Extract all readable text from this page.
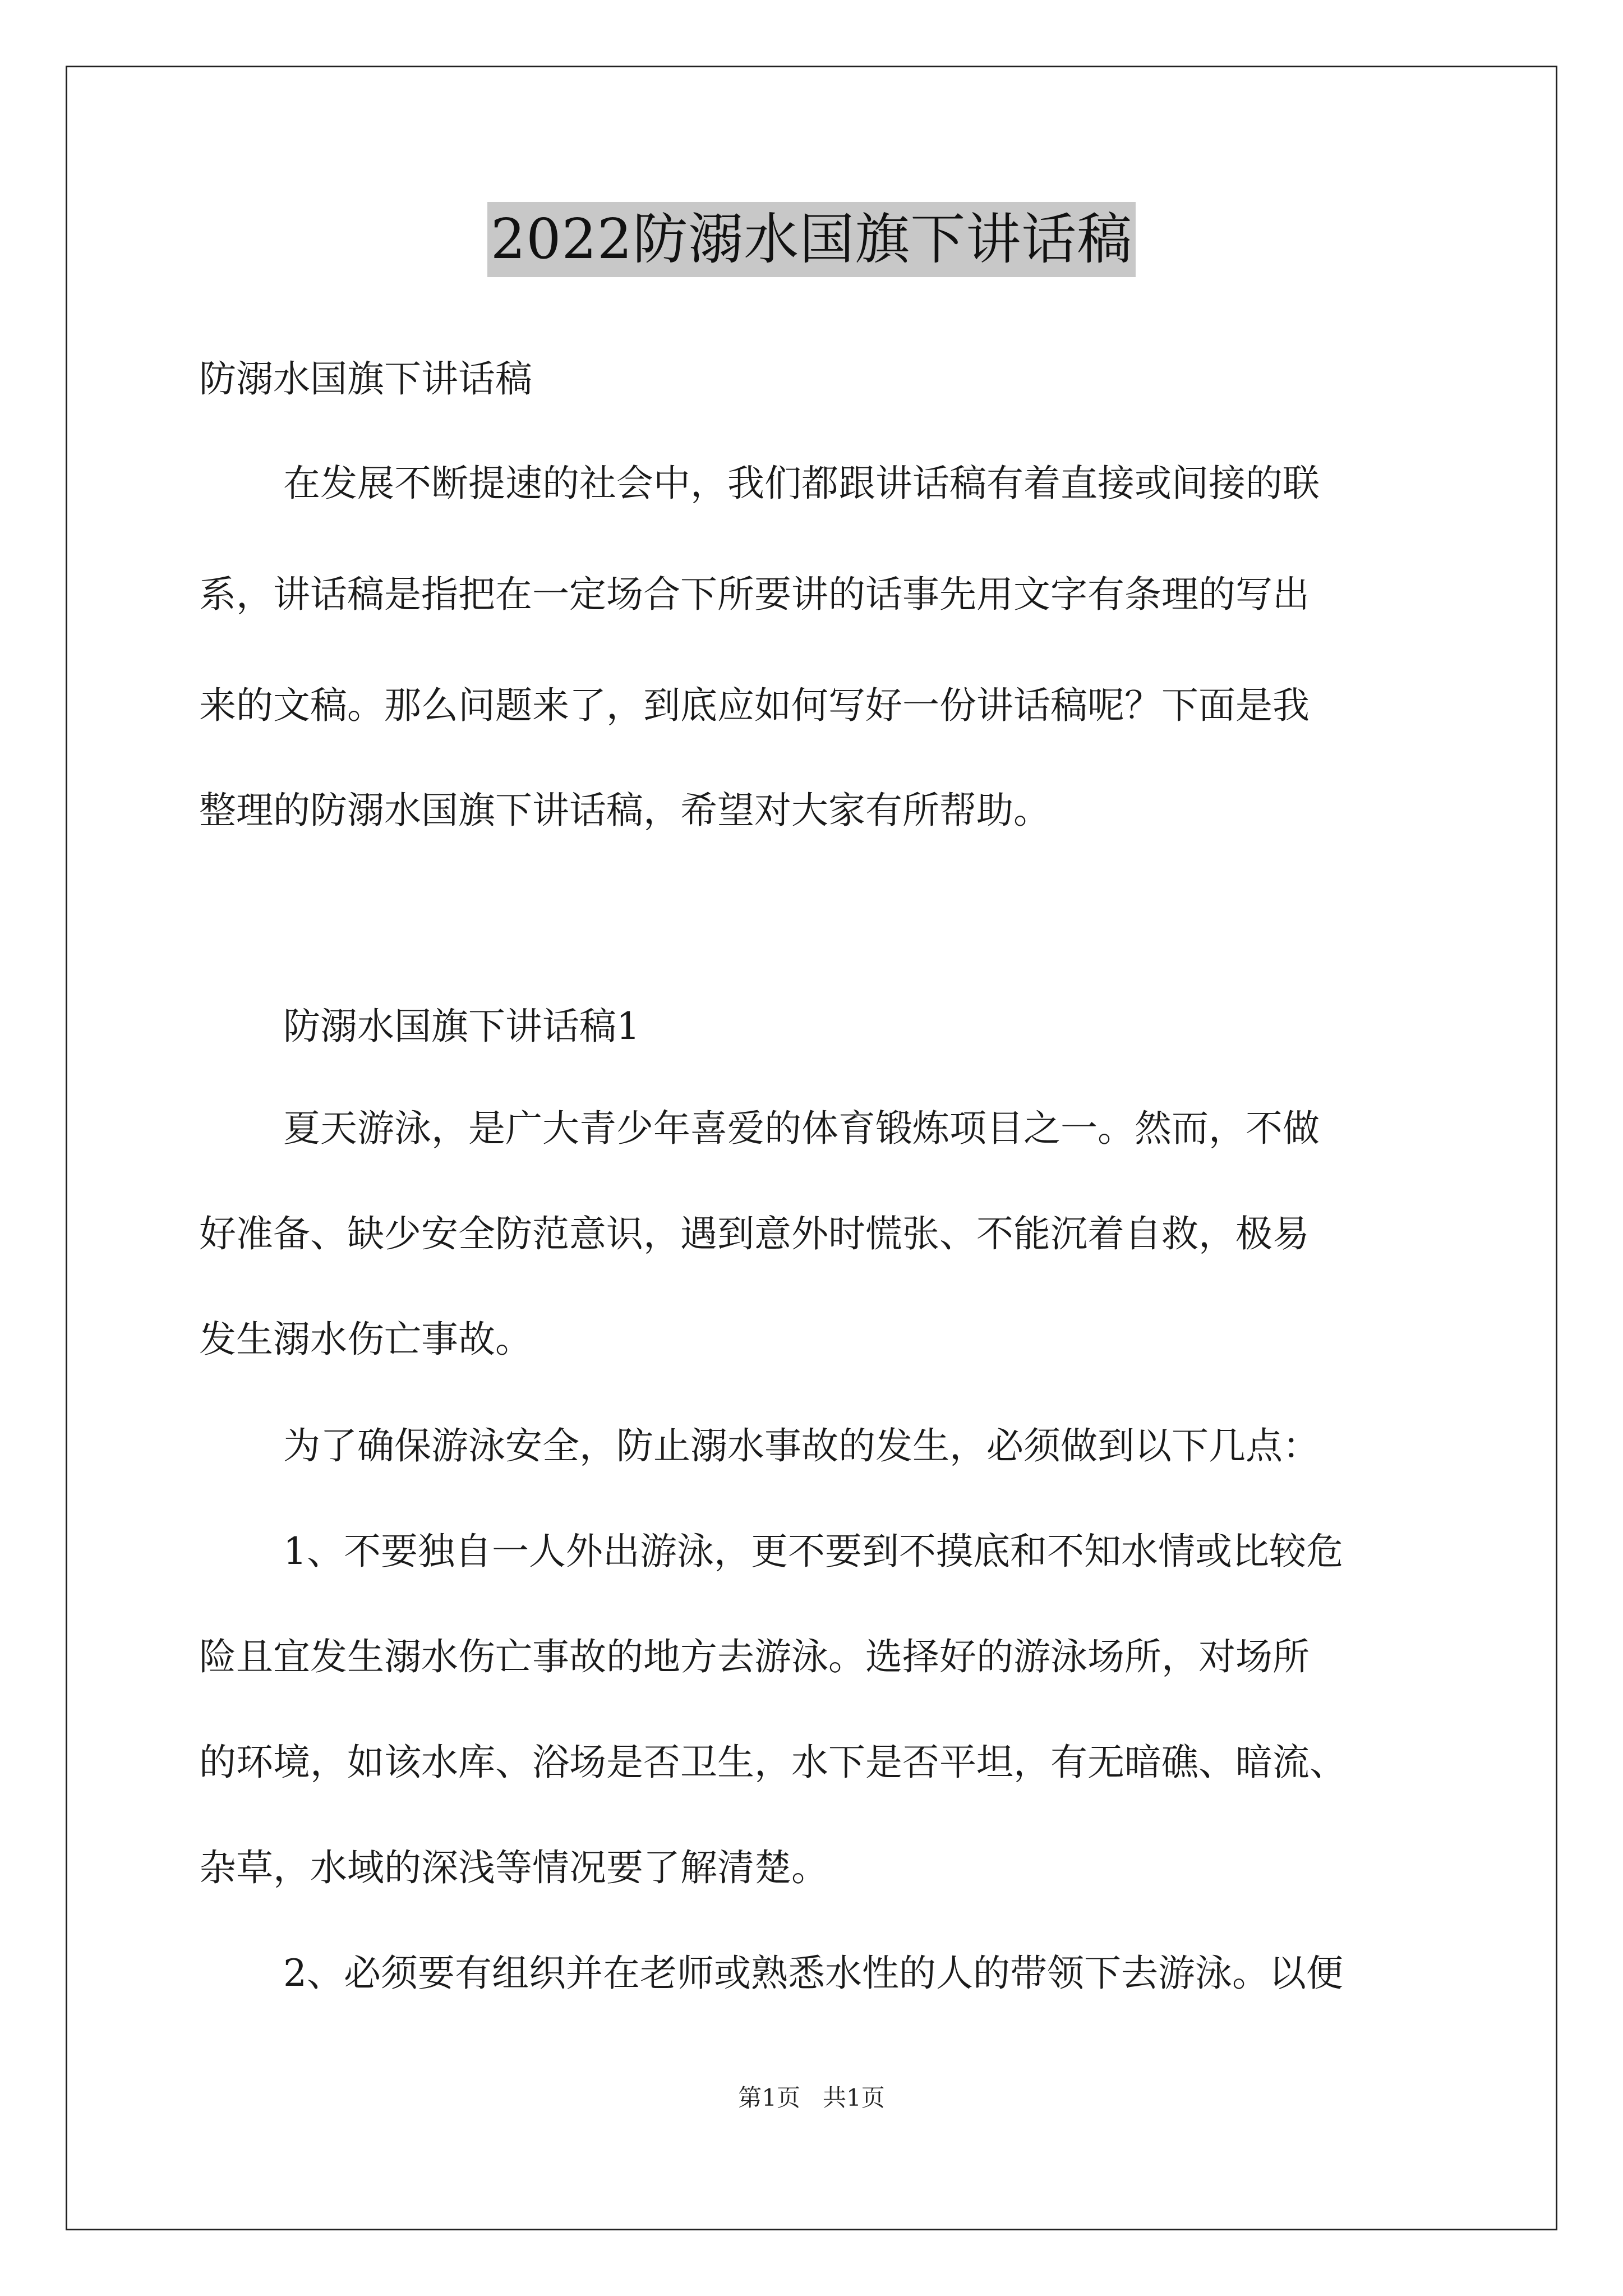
2022防溺水国旗下讲话稿
防溺水国旗下讲话稿
在发展不断提速的社会中，我们都跟讲话稿有着直接或间接的联
系，讲话稿是指把在一定场合下所要讲的话事先用文字有条理的写出
来的文稿。那么问题来了，到底应如何写好一份讲话稿呢？下面是我
整理的防溺水国旗下讲话稿，希望对大家有所帮助。
防溺水国旗下讲话稿1
夏天游泳，是广大青少年喜爱的体育锻炼项目之一。然而，不做
好准备、缺少安全防范意识，遇到意外时慌张、不能沉着自救，极易
发生溺水伤亡事故。
为了确保游泳安全，防止溺水事故的发生，必须做到以下几点：
1、不要独自一人外出游泳，更不要到不摸底和不知水情或比较危
险且宜发生溺水伤亡事故的地方去游泳。选择好的游泳场所，对场所
的环境，如该水库、浴场是否卫生，水下是否平坦，有无暗礁、暗流、
杂草，水域的深浅等情况要了解清楚。
2、必须要有组织并在老师或熟悉水性的人的带领下去游泳。以便
第1页   共1页
